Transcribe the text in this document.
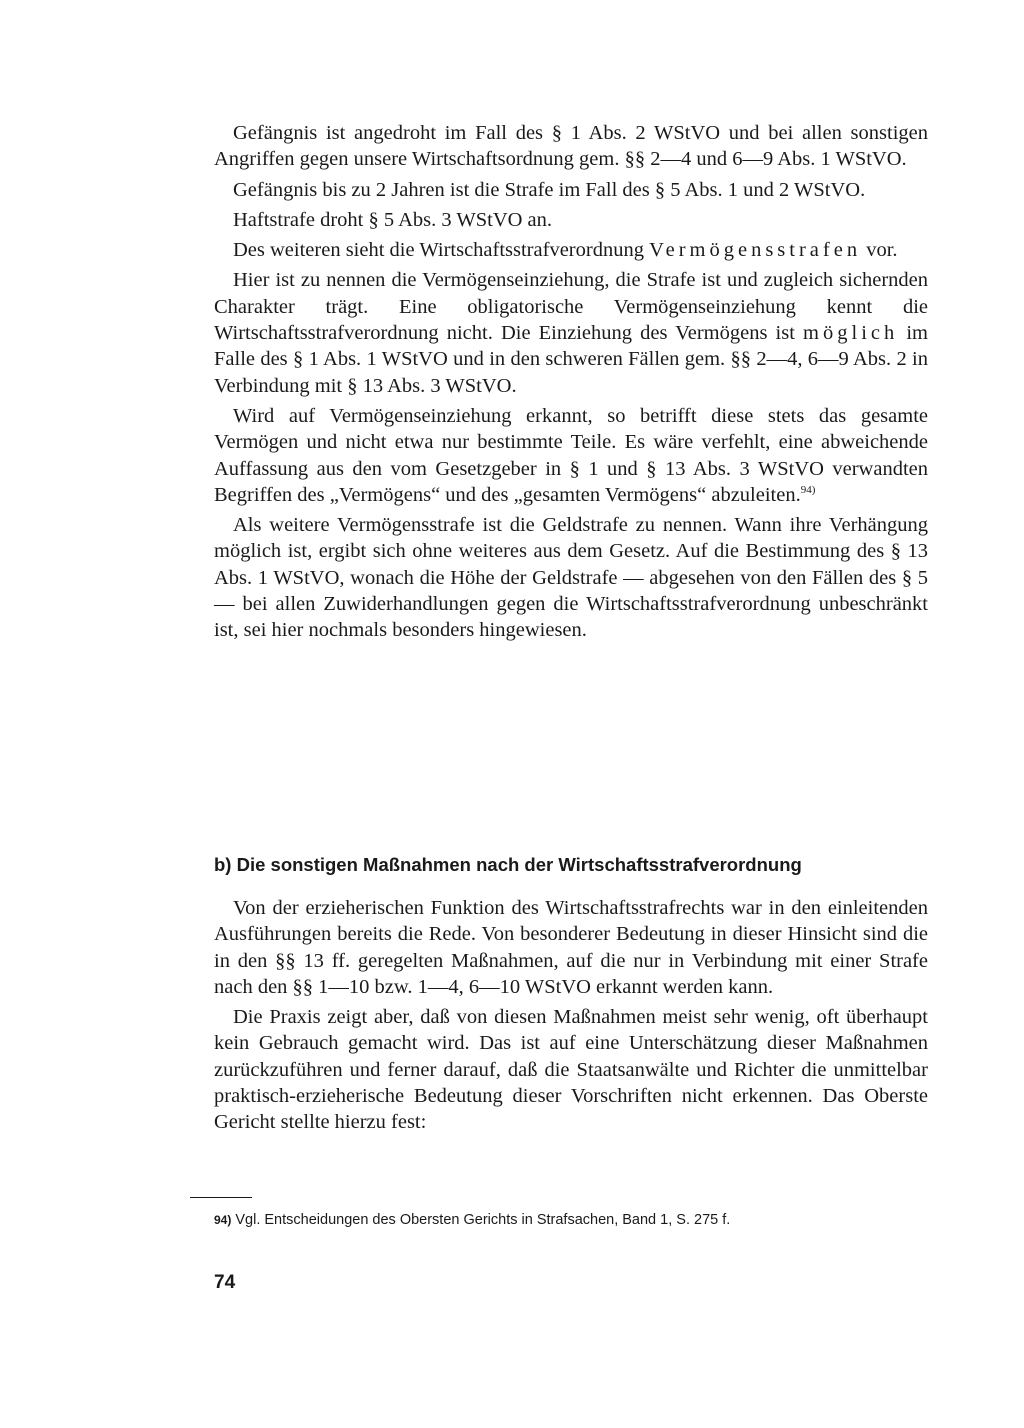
Gefängnis ist angedroht im Fall des § 1 Abs. 2 WStVO und bei allen sonstigen Angriffen gegen unsere Wirtschaftsordnung gem. §§ 2—4 und 6—9 Abs. 1 WStVO.

Gefängnis bis zu 2 Jahren ist die Strafe im Fall des § 5 Abs. 1 und 2 WStVO.

Haftstrafe droht § 5 Abs. 3 WStVO an.

Des weiteren sieht die Wirtschaftsstrafverordnung Vermögensstrafen vor.

Hier ist zu nennen die Vermögenseinziehung, die Strafe ist und zugleich sichernden Charakter trägt. Eine obligatorische Vermögenseinziehung kennt die Wirtschaftsstrafverordnung nicht. Die Einziehung des Vermögens ist möglich im Falle des § 1 Abs. 1 WStVO und in den schweren Fällen gem. §§ 2—4, 6—9 Abs. 2 in Verbindung mit § 13 Abs. 3 WStVO.

Wird auf Vermögenseinziehung erkannt, so betrifft diese stets das gesamte Vermögen und nicht etwa nur bestimmte Teile. Es wäre verfehlt, eine abweichende Auffassung aus den vom Gesetzgeber in § 1 und § 13 Abs. 3 WStVO verwandten Begriffen des „Vermögens“ und des „gesamten Vermögens“ abzuleiten.$^{94)}$

Als weitere Vermögensstrafe ist die Geldstrafe zu nennen. Wann ihre Verhängung möglich ist, ergibt sich ohne weiteres aus dem Gesetz. Auf die Bestimmung des § 13 Abs. 1 WStVO, wonach die Höhe der Geldstrafe — abgesehen von den Fällen des § 5 — bei allen Zuwiderhandlungen gegen die Wirtschaftsstrafverordnung unbeschränkt ist, sei hier nochmals besonders hingewiesen.

b) Die sonstigen Maßnahmen nach der Wirtschaftsstrafverordnung

Von der erzieherischen Funktion des Wirtschaftsstrafrechts war in den einleitenden Ausführungen bereits die Rede. Von besonderer Bedeutung in dieser Hinsicht sind die in den §§ 13 ff. geregelten Maßnahmen, auf die nur in Verbindung mit einer Strafe nach den §§ 1—10 bzw. 1—4, 6—10 WStVO erkannt werden kann.

Die Praxis zeigt aber, daß von diesen Maßnahmen meist sehr wenig, oft überhaupt kein Gebrauch gemacht wird. Das ist auf eine Unterschätzung dieser Maßnahmen zurückzuführen und ferner darauf, daß die Staatsanwälte und Richter die unmittelbar praktisch-erzieherische Bedeutung dieser Vorschriften nicht erkennen. Das Oberste Gericht stellte hierzu fest:

94) Vgl. Entscheidungen des Obersten Gerichts in Strafsachen, Band 1, S. 275 f.
74
